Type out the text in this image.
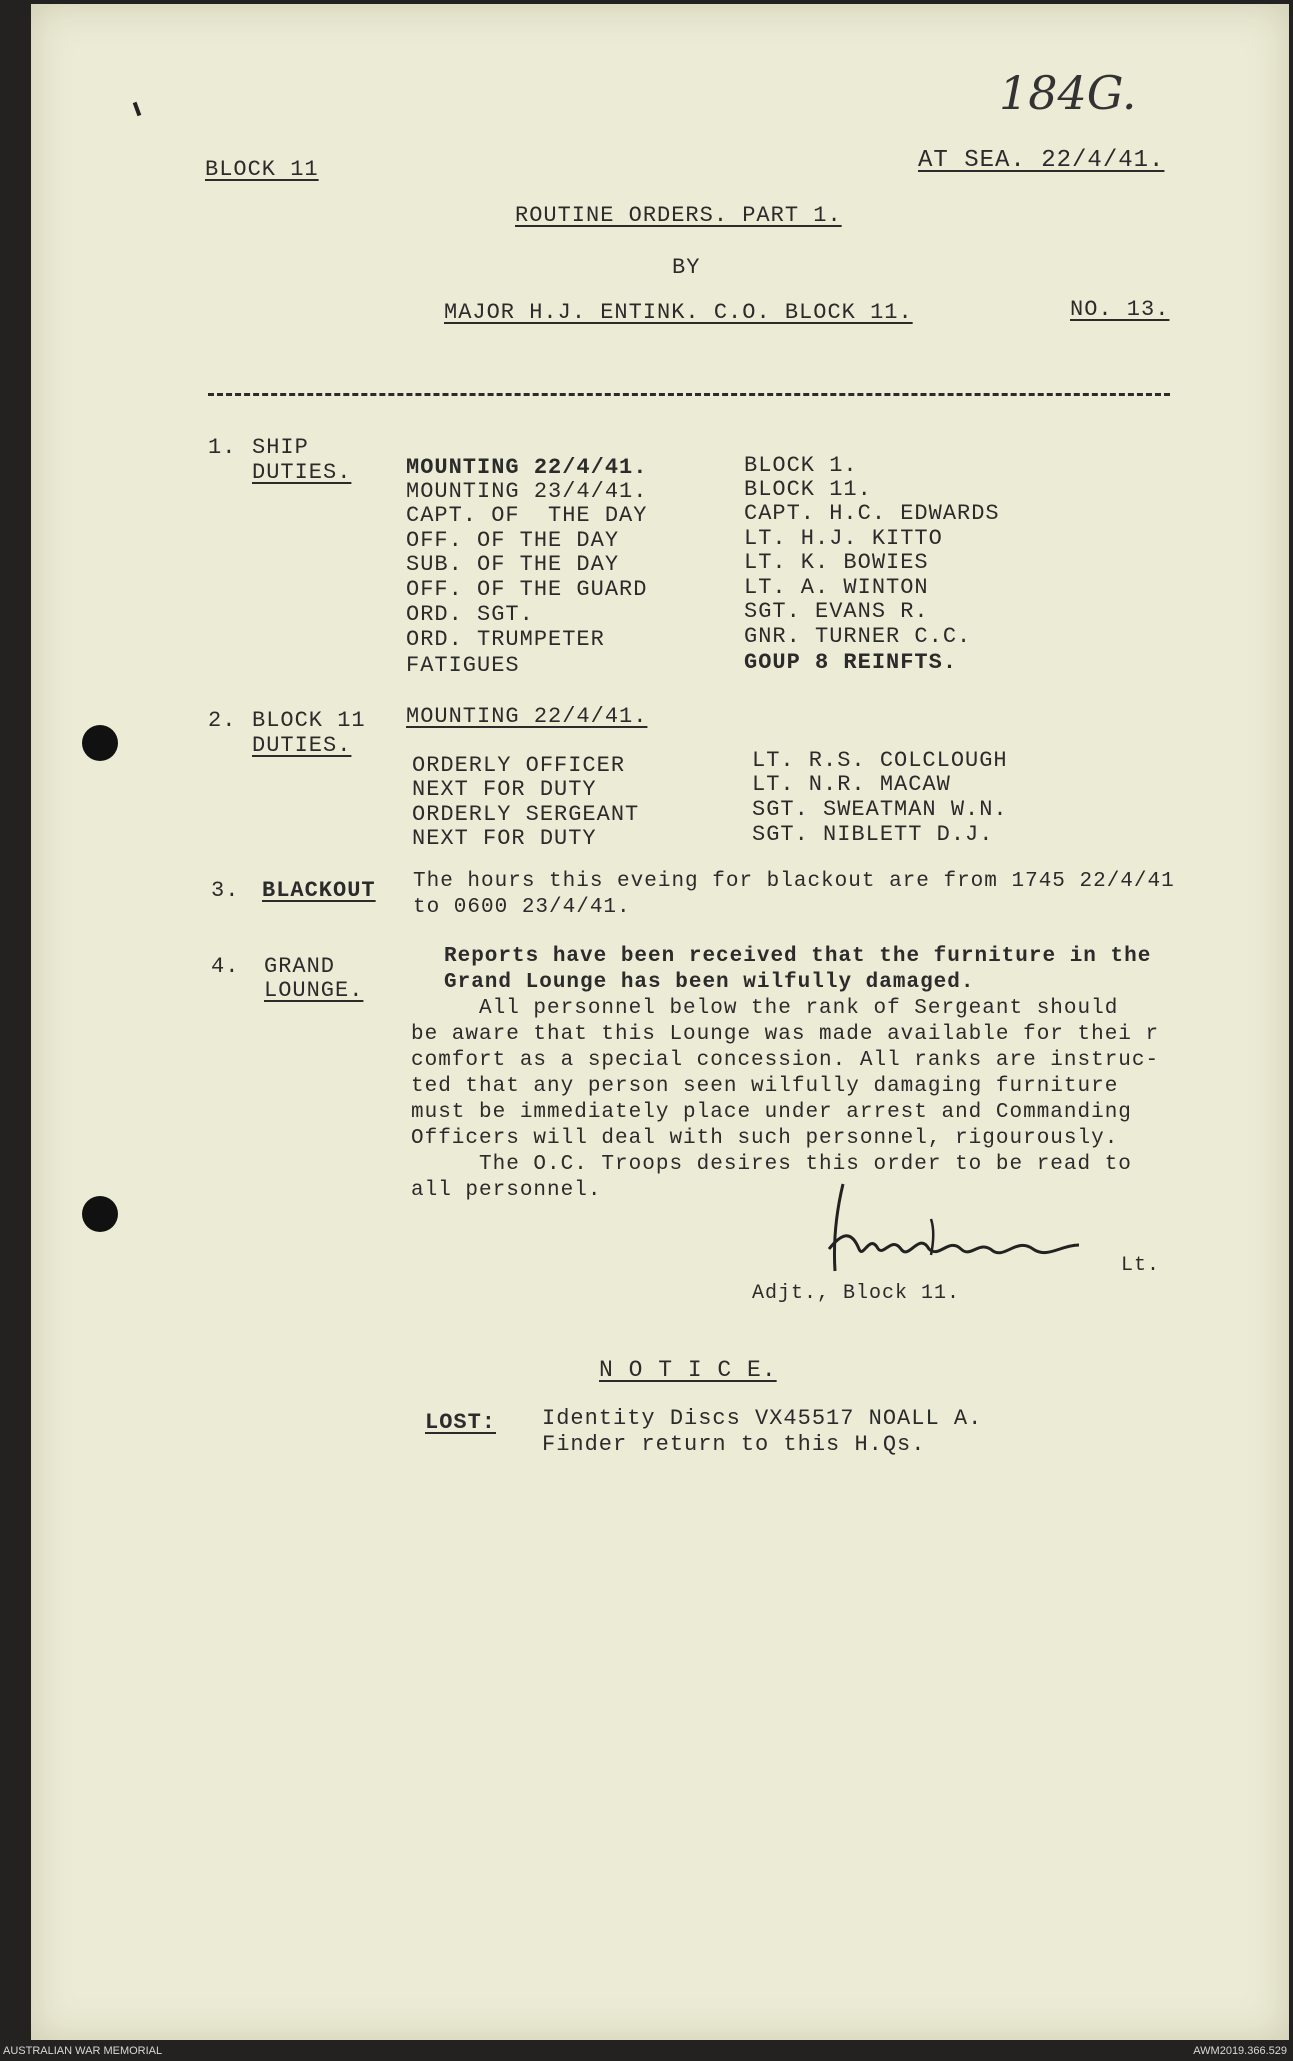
184G.
BLOCK 11	AT SEA. 22/4/41.
ROUTINE ORDERS. PART 1.
BY
MAJOR H.J. ENTINK. C.O. BLOCK 11.	NO. 13.
1. SHIP
DUTIES. MOUNTING 22/4/41.	BLOCK 1.
MOUNTING 23/4/41.	BLOCK 11.
CAPT. OF  THE DAY	CAPT. H.C. EDWARDS
OFF. OF THE DAY	LT. H.J. KITTO
SUB. OF THE DAY	LT. K. BOWIES
OFF. OF THE GUARD	LT. A. WINTON
ORD. SGT.	SGT. EVANS R.
ORD. TRUMPETER	GNR. TURNER C.C.
FATIGUES	GOUP 8 REINFTS.
2. BLOCK 11
DUTIES.
MOUNTING 22/4/41.
ORDERLY OFFICER	LT. R.S. COLCLOUGH
NEXT FOR DUTY	LT. N.R. MACAW
ORDERLY SERGEANT	SGT. SWEATMAN W.N.
NEXT FOR DUTY	SGT. NIBLETT D.J.
3. BLACKOUT The hours this eveing for blackout are from 1745 22/4/41
to 0600 23/4/41.
4. GRAND
LOUNGE.
Reports have been received that the furniture in the
Grand Lounge has been wilfully damaged.
All personnel below the rank of Sergeant should
be aware that this Lounge was made available for thei r
comfort as a special concession. All ranks are instruc-
ted that any person seen wilfully damaging furniture
must be immediately place under arrest and Commanding
Officers will deal with such personnel, rigourously.
The O.C. Troops desires this order to be read to
all personnel.
Lt.
Adjt., Block 11.
N O T I C E.
LOST: Identity Discs VX45517 NOALL A.
Finder return to this H.Qs.
AUSTRALIAN WAR MEMORIAL	AWM2019.366.529
